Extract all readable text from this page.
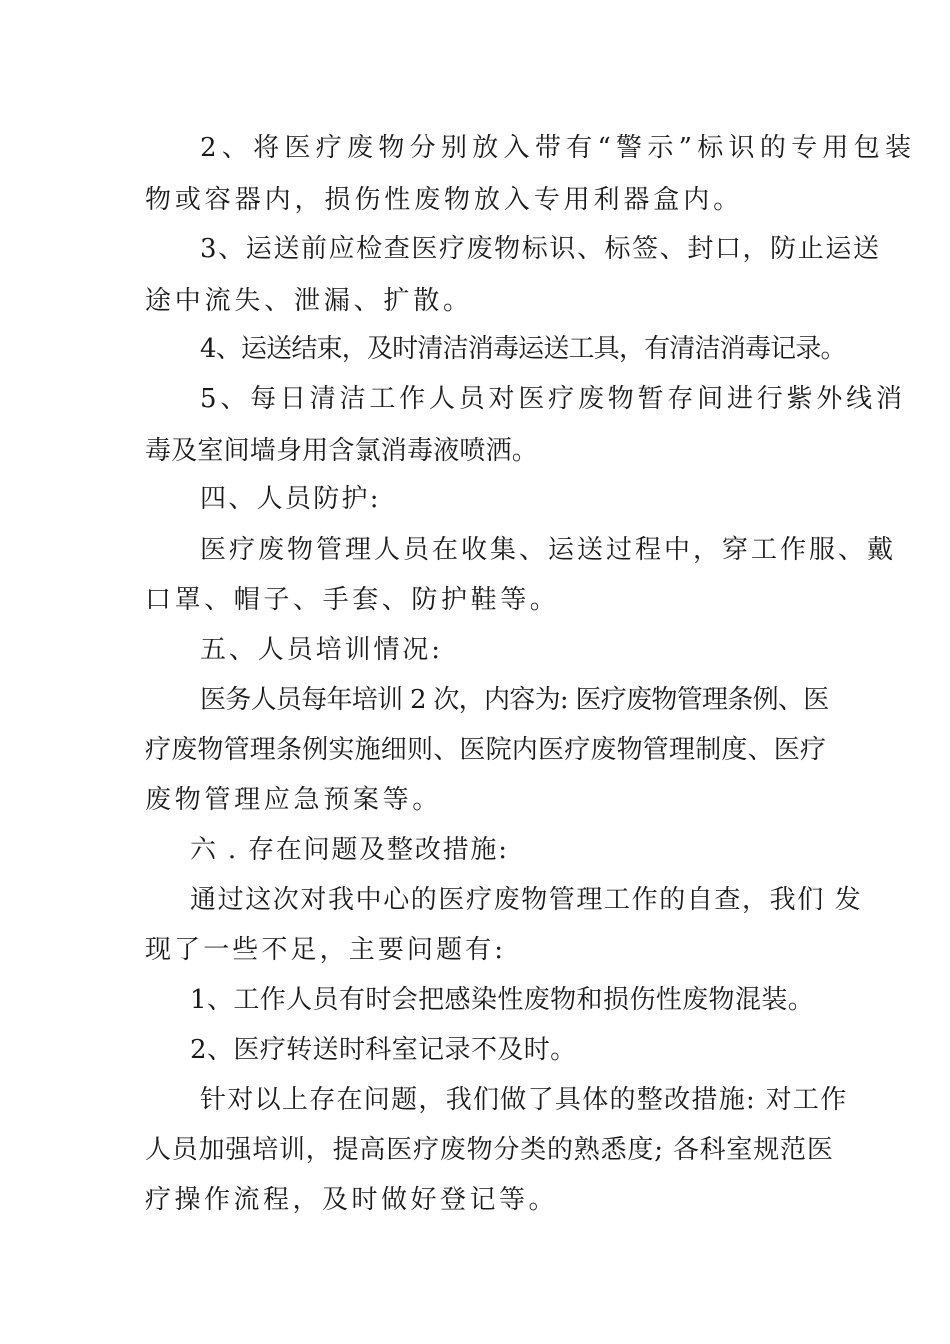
2、将医疗废物分别放入带有“警示”标识的专用包装
物或容器内，损伤性废物放入专用利器盒内。
3、运送前应检查医疗废物标识、标签、封口，防止运送
途中流失、泄漏、扩散。
4、运送结束，及时清洁消毒运送工具，有清洁消毒记录。
5、每日清洁工作人员对医疗废物暂存间进行紫外线消
毒及室间墙身用含氯消毒液喷洒。
四、人员防护:
医疗废物管理人员在收集、运送过程中，穿工作服、戴
口罩、帽子、手套、防护鞋等。
五、人员培训情况:
医务人员每年培训 2 次，内容为: 医疗废物管理条例、医
疗废物管理条例实施细则、医院内医疗废物管理制度、医疗
废物管理应急预案等。
六 . 存在问题及整改措施:
通过这次对我中心的医疗废物管理工作的自查，我们 发
现了一些不足，主要问题有:
1、工作人员有时会把感染性废物和损伤性废物混装。
2、医疗转送时科室记录不及时。
针对以上存在问题，我们做了具体的整改措施: 对工作
人员加强培训，提高医疗废物分类的熟悉度; 各科室规范医
疗操作流程，及时做好登记等。
